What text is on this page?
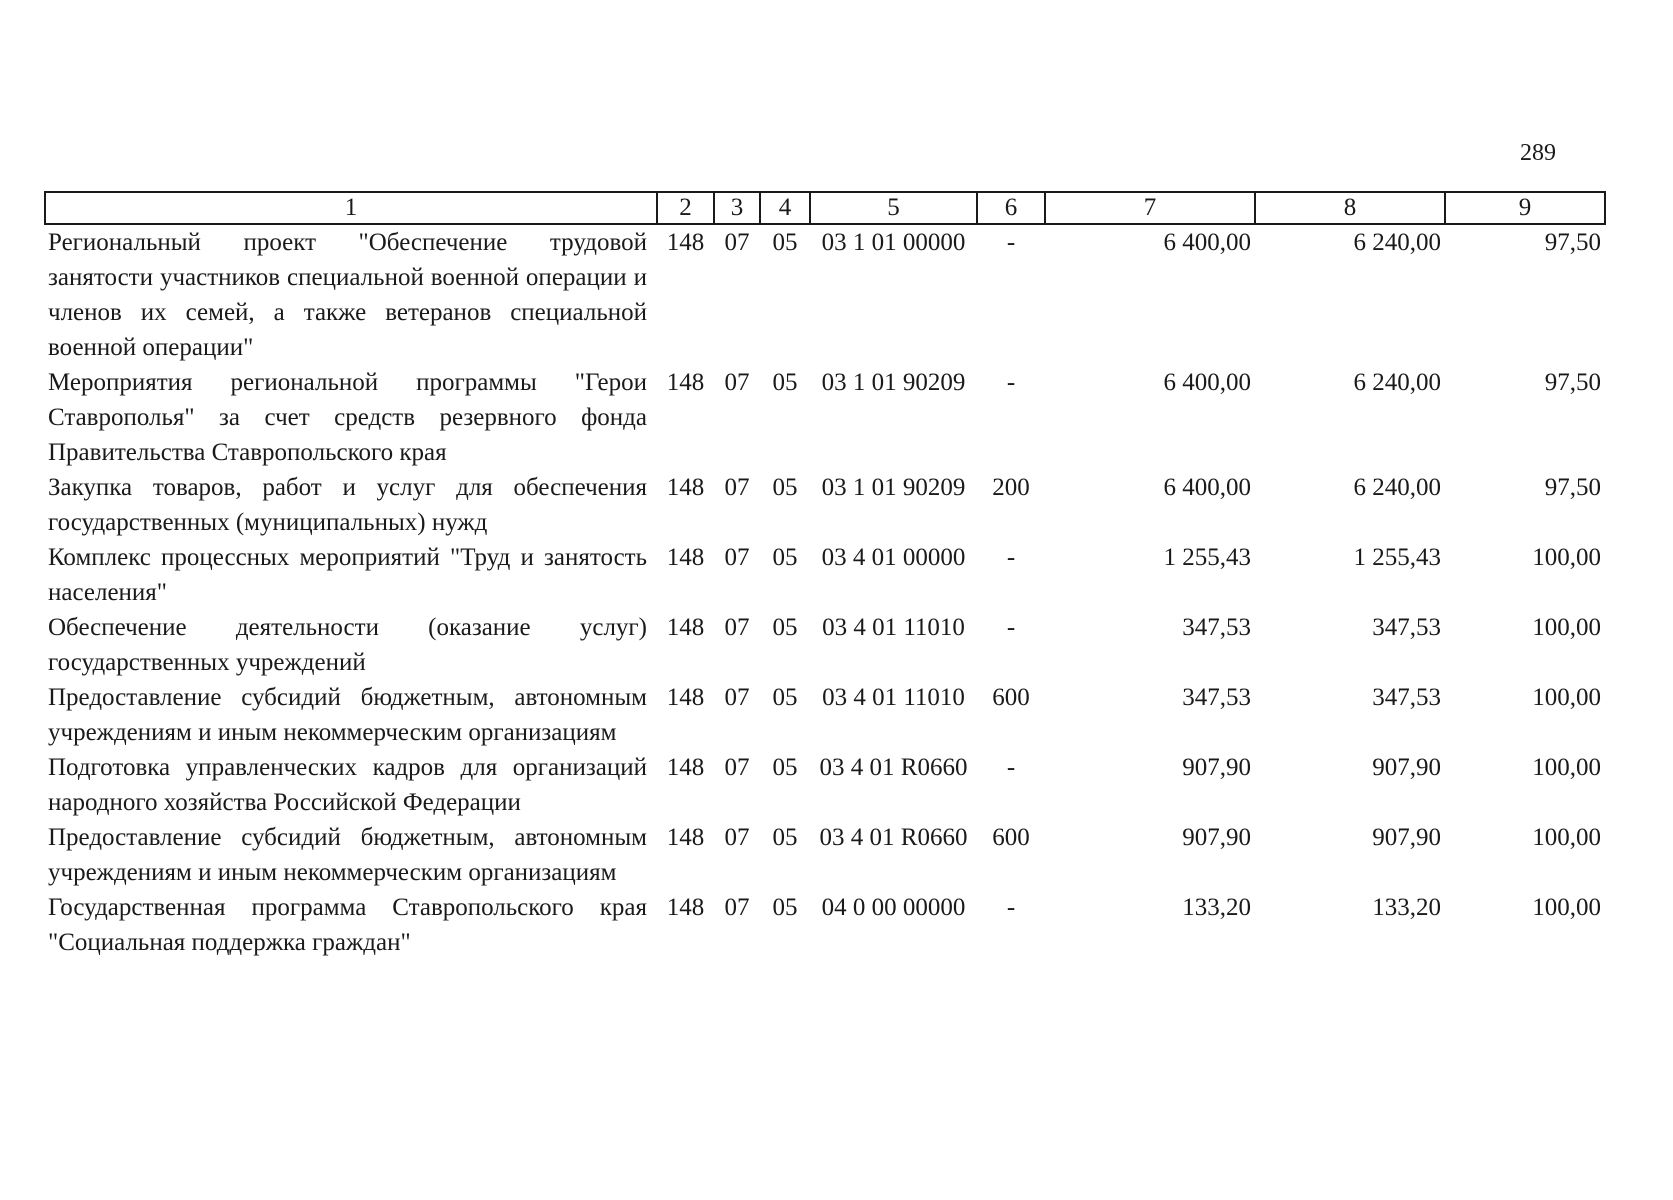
289
1	2	3	4	5	6	7	8	9
Региональный проект "Обеспечение трудовой занятости участников специальной военной операции и членов их семей, а также ветеранов специальной военной операции"	148	07	05	03 1 01 00000	-	6 400,00	6 240,00	97,50
Мероприятия региональной программы "Герои Ставрополья" за счет средств резервного фонда Правительства Ставропольского края	148	07	05	03 1 01 90209	-	6 400,00	6 240,00	97,50
Закупка товаров, работ и услуг для обеспечения государственных (муниципальных) нужд	148	07	05	03 1 01 90209	200	6 400,00	6 240,00	97,50
Комплекс процессных мероприятий "Труд и занятость населения"	148	07	05	03 4 01 00000	-	1 255,43	1 255,43	100,00
Обеспечение деятельности (оказание услуг) государственных учреждений	148	07	05	03 4 01 11010	-	347,53	347,53	100,00
Предоставление субсидий бюджетным, автономным учреждениям и иным некоммерческим организациям	148	07	05	03 4 01 11010	600	347,53	347,53	100,00
Подготовка управленческих кадров для организаций народного хозяйства Российской Федерации	148	07	05	03 4 01 R0660	-	907,90	907,90	100,00
Предоставление субсидий бюджетным, автономным учреждениям и иным некоммерческим организациям	148	07	05	03 4 01 R0660	600	907,90	907,90	100,00
Государственная программа Ставропольского края "Социальная поддержка граждан"	148	07	05	04 0 00 00000	-	133,20	133,20	100,00
